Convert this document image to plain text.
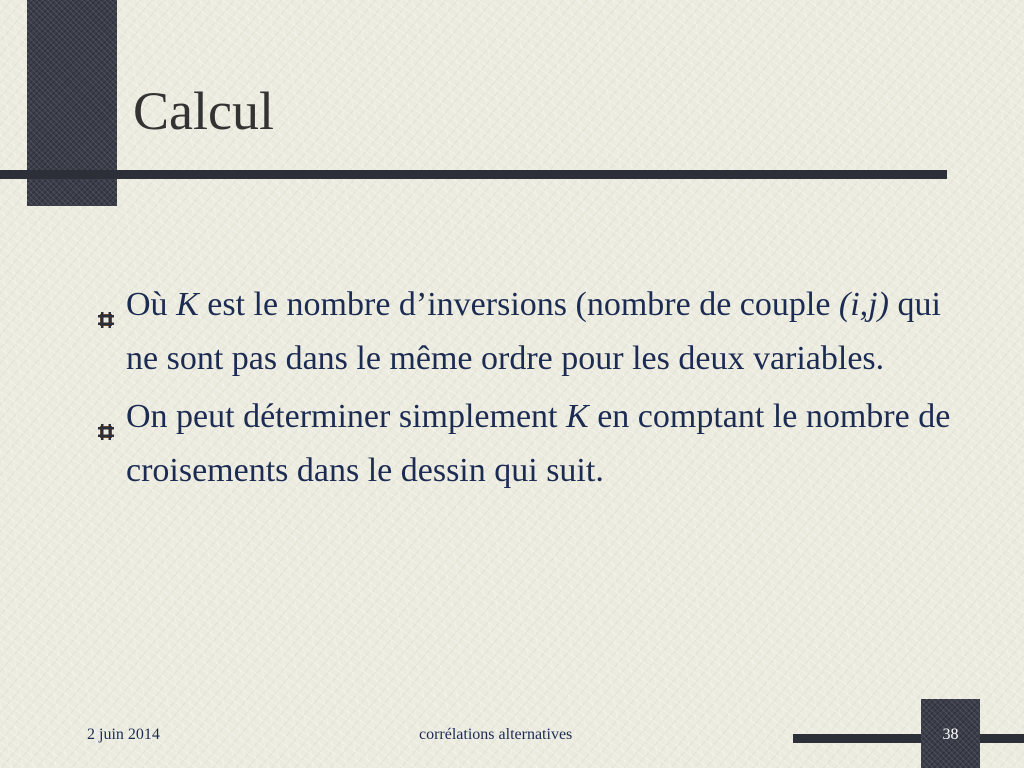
Calcul
Où K est le nombre d’inversions (nombre de couple (i,j) qui ne sont pas dans le même ordre pour les deux variables.
On peut déterminer simplement K en comptant le nombre de croisements dans le dessin qui suit.
2 juin 2014	corrélations alternatives	38
